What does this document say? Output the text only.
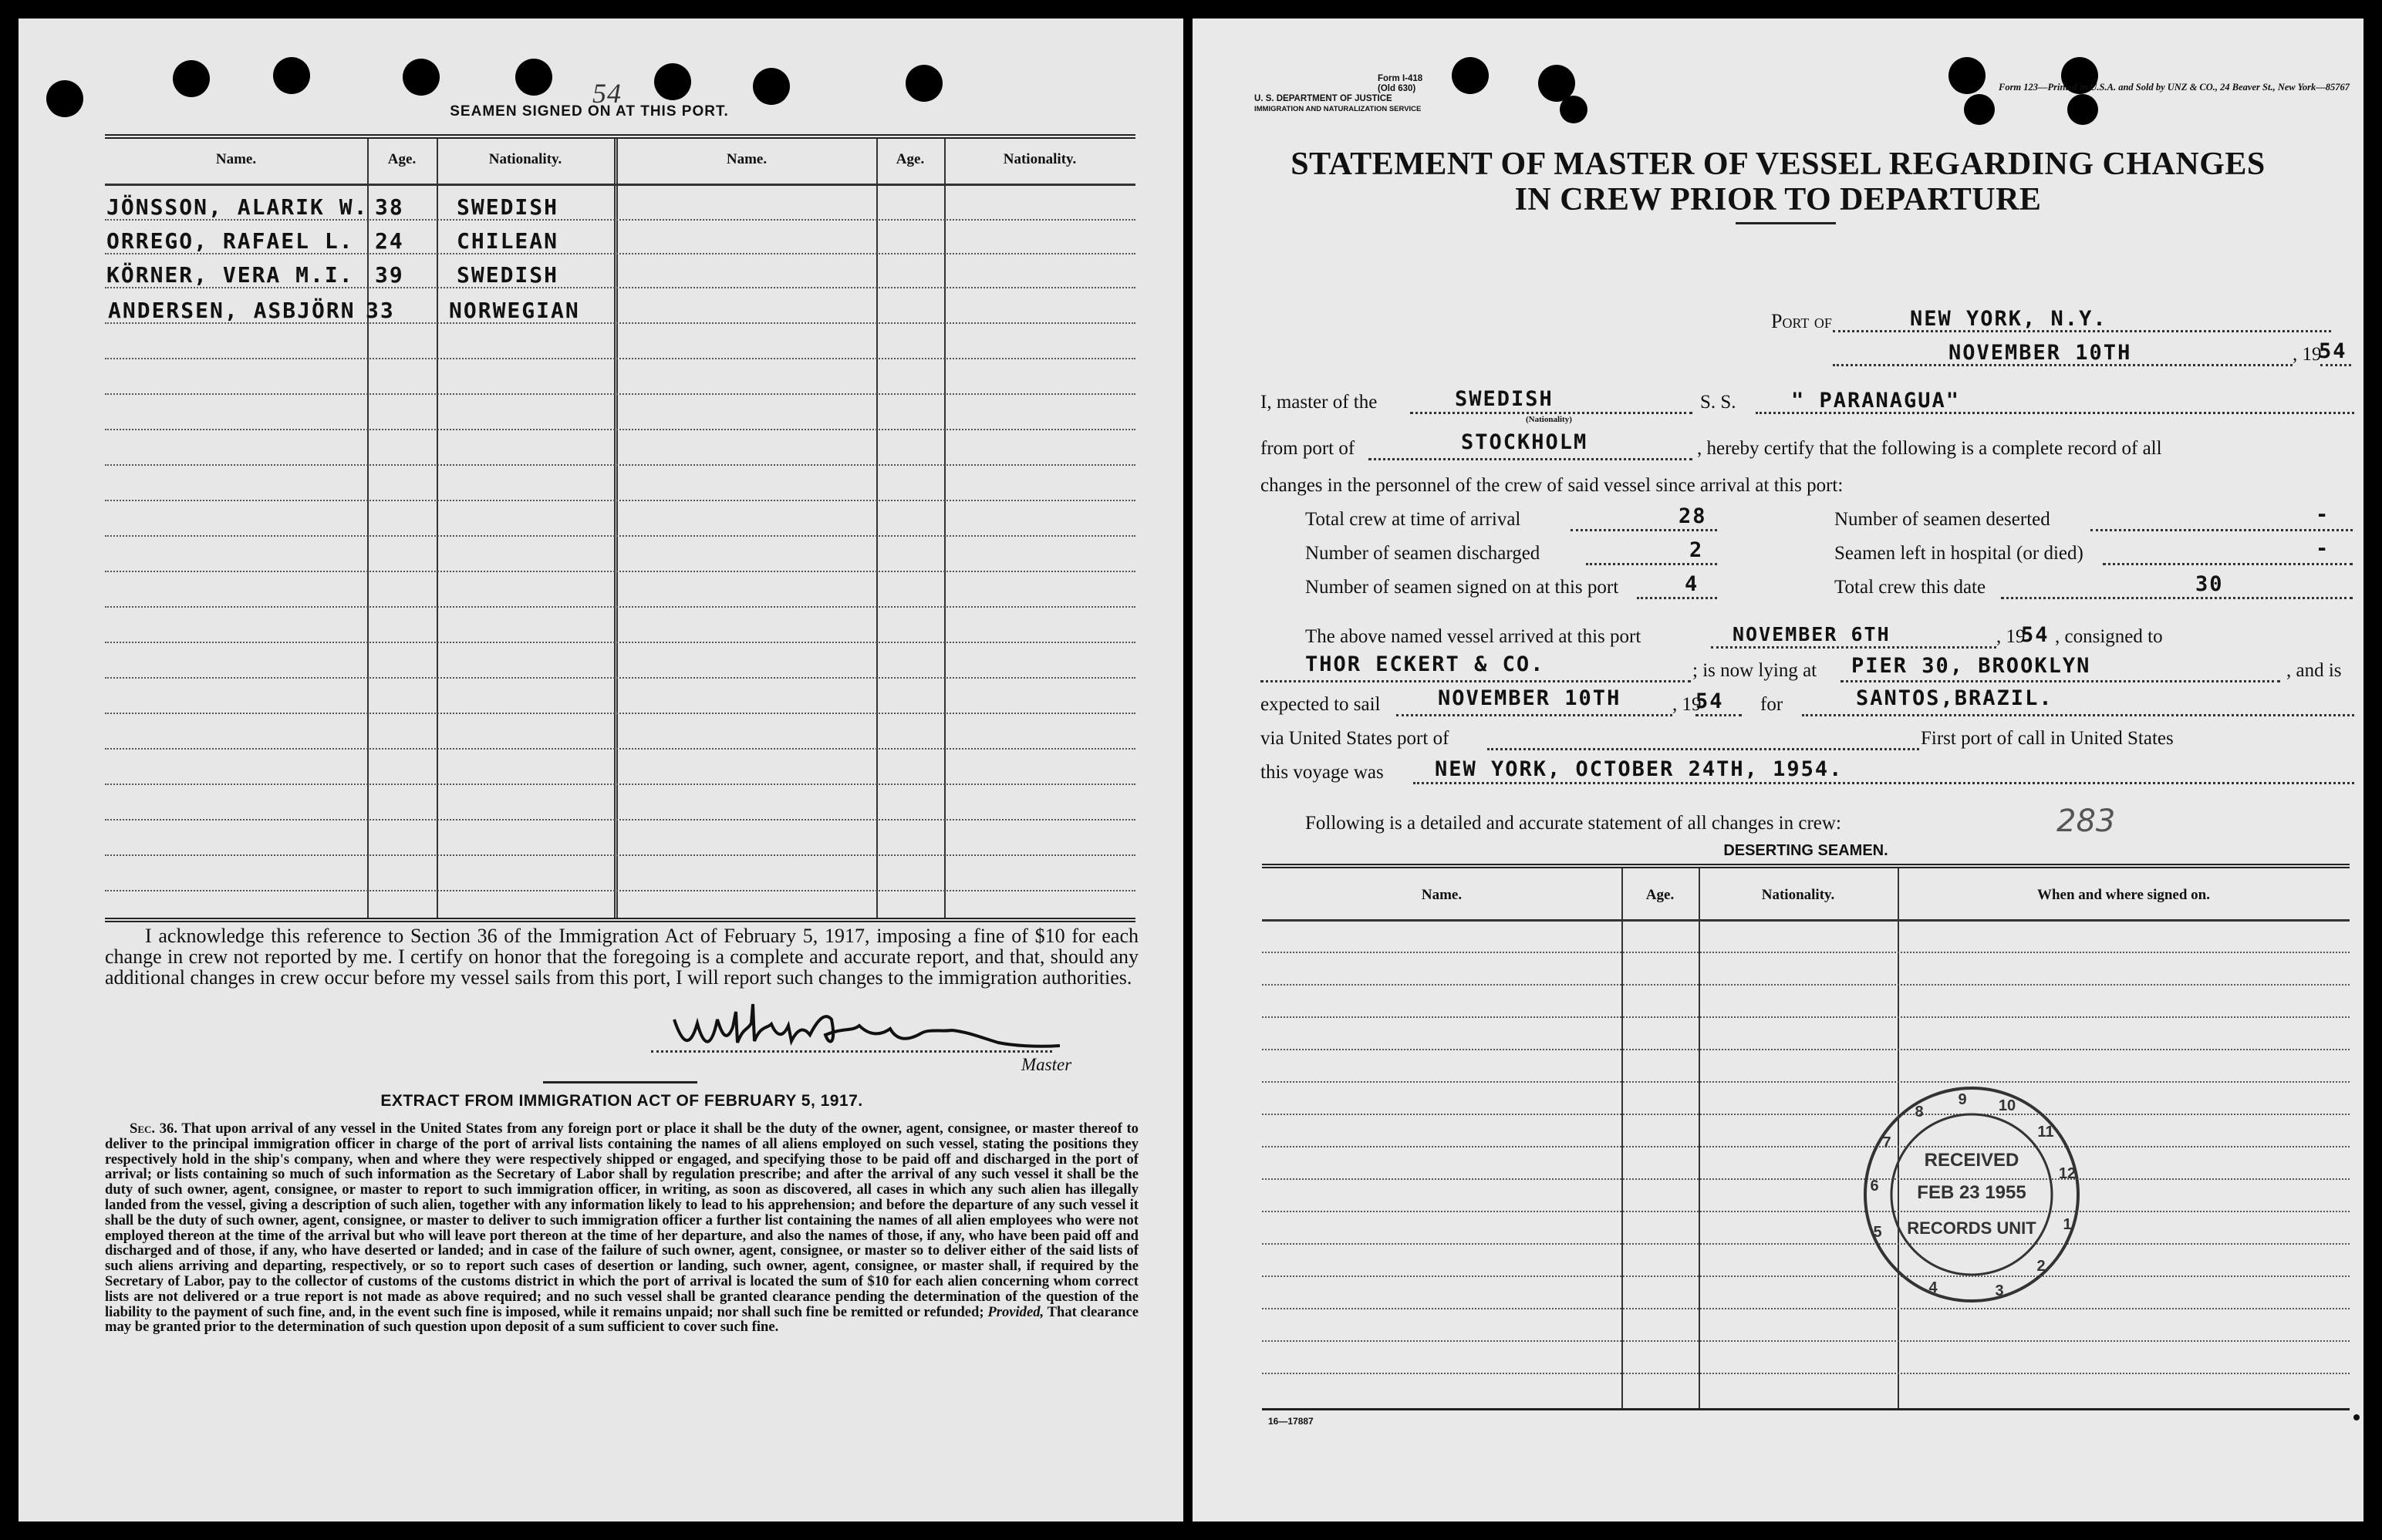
SEAMEN SIGNED ON AT THIS PORT.
54
Name.	Age.	Nationality.	Name.	Age.	Nationality.
JÖNSSON, ALARIK W. 38 SWEDISH
ORREGO, RAFAEL L. 24 CHILEAN
KÖRNER, VERA M.I. 39 SWEDISH
ANDERSEN, ASBJÖRN 33	NORWEGIAN
I acknowledge this reference to Section 36 of the Immigration Act of February 5, 1917, imposing a fine of $10 for each change in crew not reported by me. I certify on honor that the foregoing is a complete and accurate report, and that, should any additional changes in crew occur before my vessel sails from this port, I will report such changes to the immigration authorities.
Master
EXTRACT FROM IMMIGRATION ACT OF FEBRUARY 5, 1917.
Sec. 36. That upon arrival of any vessel in the United States from any foreign port or place it shall be the duty of the owner, agent, consignee, or master thereof to deliver to the principal immigration officer in charge of the port of arrival lists containing the names of all aliens employed on such vessel, stating the positions they respectively hold in the ship's company, when and where they were respectively shipped or engaged, and specifying those to be paid off and discharged in the port of arrival; or lists containing so much of such information as the Secretary of Labor shall by regulation prescribe; and after the arrival of any such vessel it shall be the duty of such owner, agent, consignee, or master to report to such immigration officer, in writing, as soon as discovered, all cases in which any such alien has illegally landed from the vessel, giving a description of such alien, together with any information likely to lead to his apprehension; and before the departure of any such vessel it shall be the duty of such owner, agent, consignee, or master to deliver to such immigration officer a further list containing the names of all alien employees who were not employed thereon at the time of the arrival but who will leave port thereon at the time of her departure, and also the names of those, if any, who have been paid off and discharged and of those, if any, who have deserted or landed; and in case of the failure of such owner, agent, consignee, or master so to deliver either of the said lists of such aliens arriving and departing, respectively, or so to report such cases of desertion or landing, such owner, agent, consignee, or master shall, if required by the Secretary of Labor, pay to the collector of customs of the customs district in which the port of arrival is located the sum of $10 for each alien concerning whom correct lists are not delivered or a true report is not made as above required; and no such vessel shall be granted clearance pending the determination of the question of the liability to the payment of such fine, and, in the event such fine is imposed, while it remains unpaid; nor shall such fine be remitted or refunded; Provided, That clearance may be granted prior to the determination of such question upon deposit of a sum sufficient to cover such fine.
Form I-418
(Old 630)
U. S. DEPARTMENT OF JUSTICE
IMMIGRATION AND NATURALIZATION SERVICE
Form 123—Printed in U.S.A. and Sold by UNZ & CO., 24 Beaver St., New York—85767
STATEMENT OF MASTER OF VESSEL REGARDING CHANGES
IN CREW PRIOR TO DEPARTURE
Port of	NEW YORK, N.Y.
NOVEMBER 10TH	, 19
54
I, master of the	SWEDISH
(Nationality)
S. S.	" PARANAGUA"
from port of	STOCKHOLM	, hereby certify that the following is a complete record of all
changes in the personnel of the crew of said vessel since arrival at this port:
Total crew at time of arrival	28	Number of seamen deserted	-
Number of seamen discharged	2	Seamen left in hospital (or died)	-
Number of seamen signed on at this port	4	Total crew this date	30
The above named vessel arrived at this port	NOVEMBER 6TH	, 19
54 , consigned to
THOR ECKERT & CO.	; is now lying at PIER 30, BROOKLYN	, and is
expected to sail	NOVEMBER 10TH	, 19
54 for	SANTOS,BRAZIL.
via United States port of	First port of call in United States
this voyage was NEW YORK, OCTOBER 24TH, 1954.
Following is a detailed and accurate statement of all changes in crew:	283
DESERTING SEAMEN.
Name.	Age.	Nationality.	When and where signed on.
RECEIVED
FEB 23 1955
RECORDS UNIT
5
6
7
8
9 10
11
12
1
2
3
4
16—17887
